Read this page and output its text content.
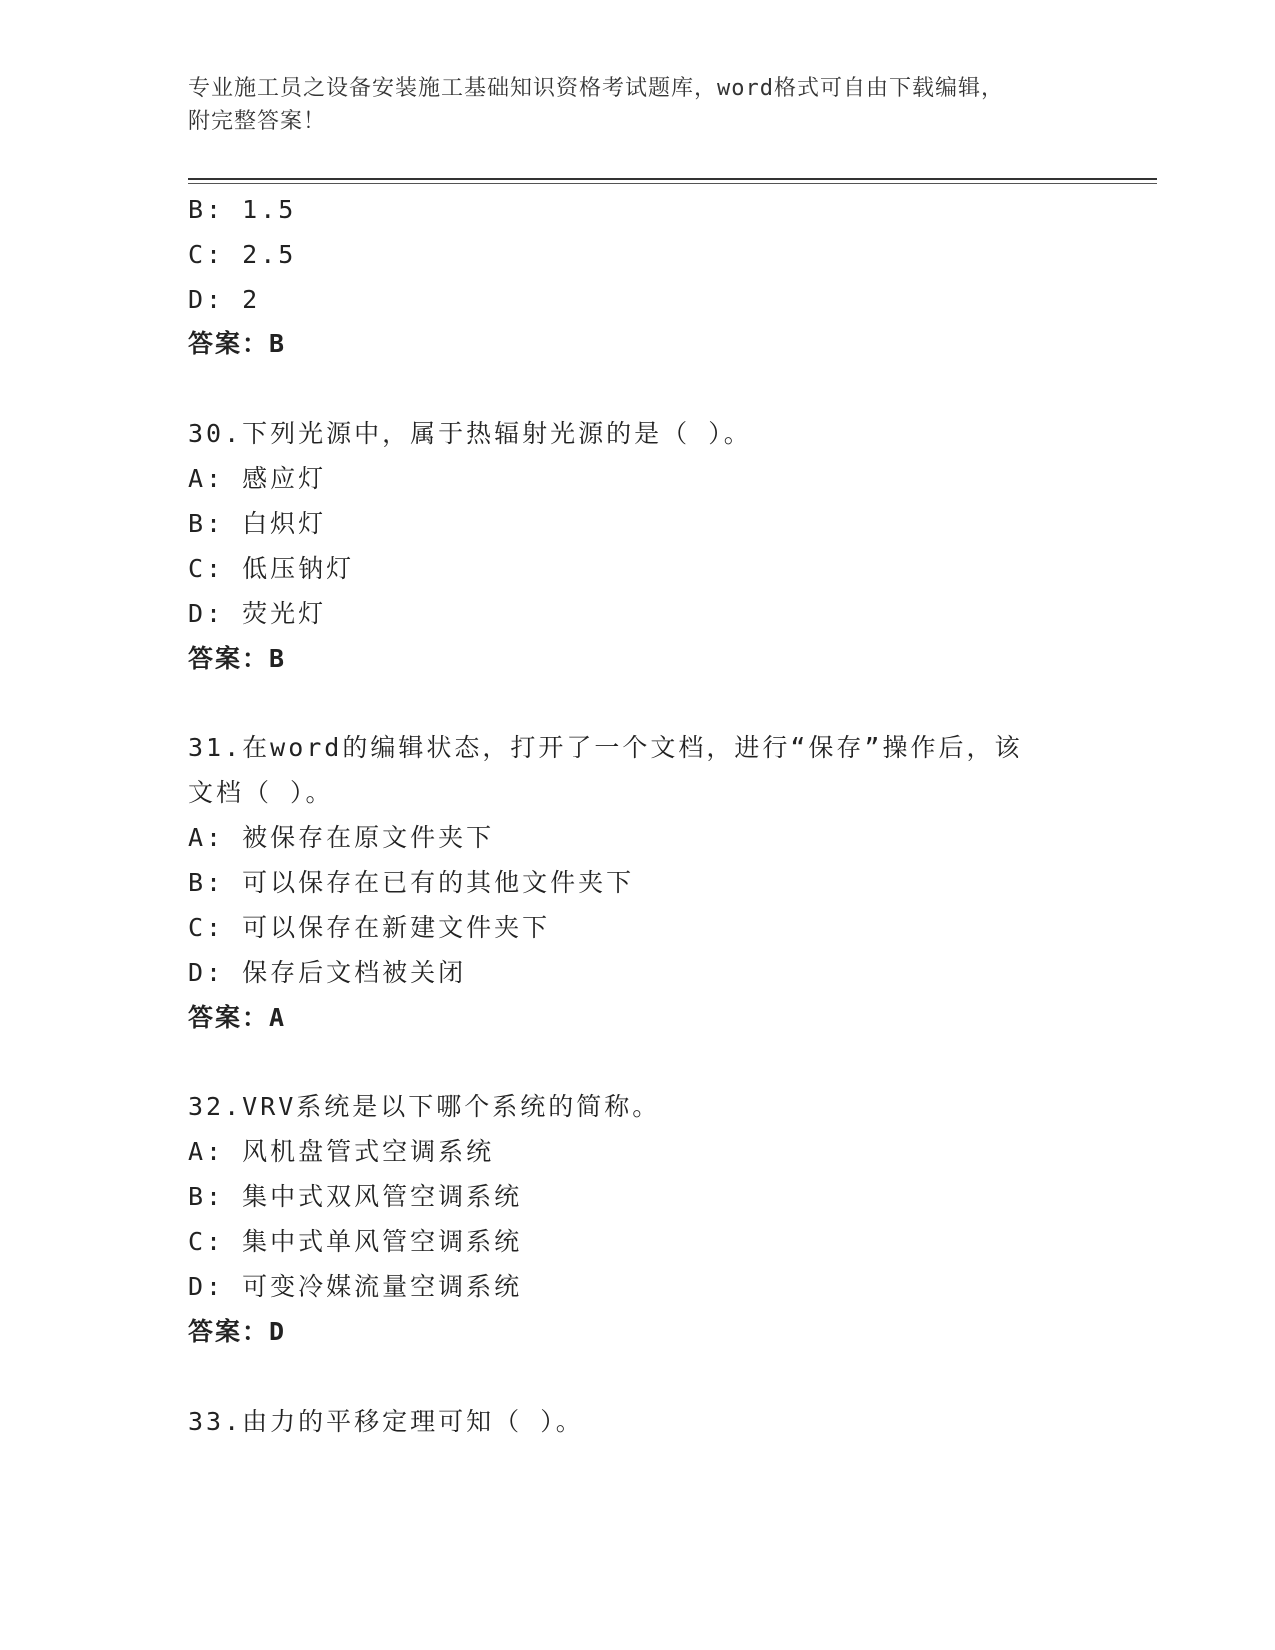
专业施工员之设备安装施工基础知识资格考试题库，word格式可自由下载编辑，
附完整答案！
B: 1.5
C: 2.5
D: 2
答案：B
30.下列光源中，属于热辐射光源的是（ ）。
A: 感应灯
B: 白炽灯
C: 低压钠灯
D: 荧光灯
答案：B
31.在word的编辑状态，打开了一个文档，进行“保存”操作后，该
文档（ ）。
A: 被保存在原文件夹下
B: 可以保存在已有的其他文件夹下
C: 可以保存在新建文件夹下
D: 保存后文档被关闭
答案：A
32.VRV系统是以下哪个系统的简称。
A: 风机盘管式空调系统
B: 集中式双风管空调系统
C: 集中式单风管空调系统
D: 可变冷媒流量空调系统
答案：D
33.由力的平移定理可知（ ）。
